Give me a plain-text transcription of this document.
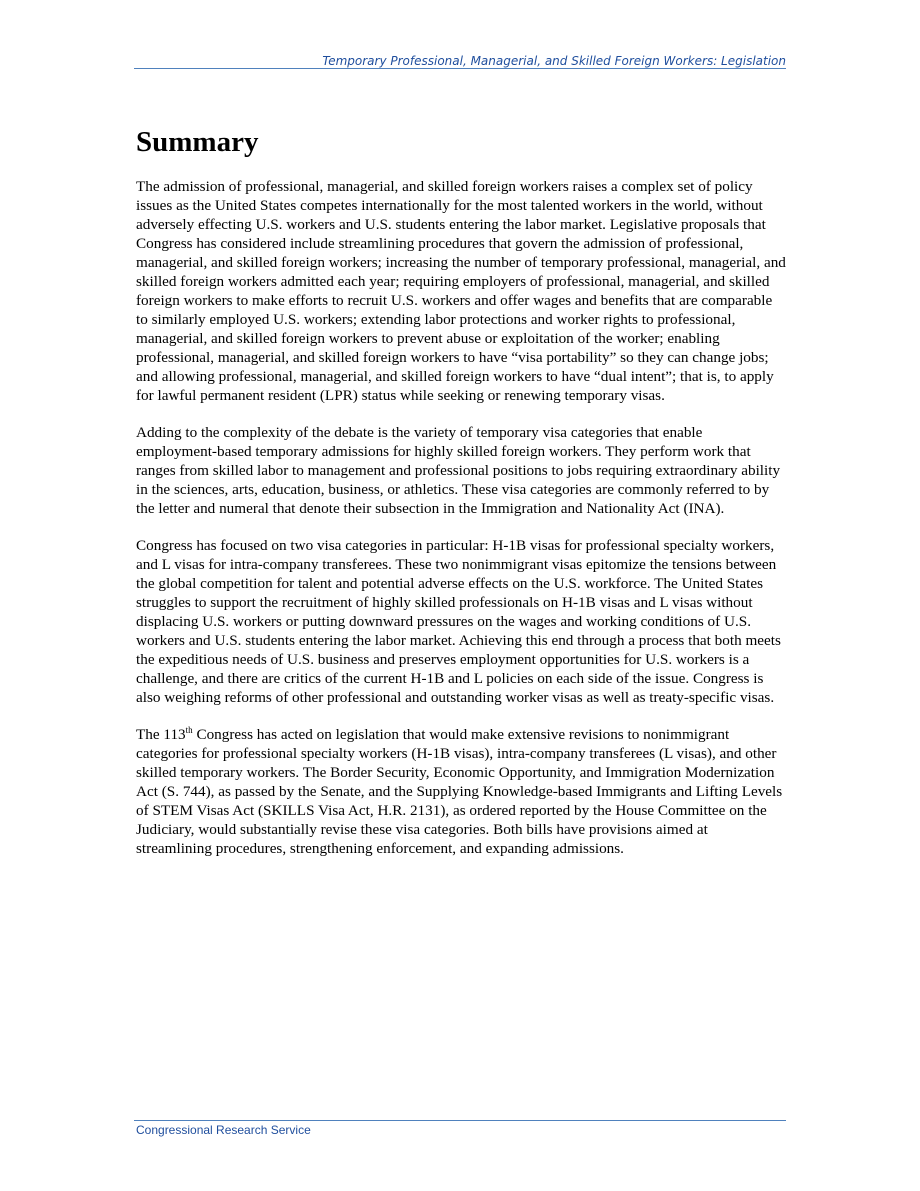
Temporary Professional, Managerial, and Skilled Foreign Workers: Legislation
Summary

The admission of professional, managerial, and skilled foreign workers raises a complex set of policy issues as the United States competes internationally for the most talented workers in the world, without adversely effecting U.S. workers and U.S. students entering the labor market. Legislative proposals that Congress has considered include streamlining procedures that govern the admission of professional, managerial, and skilled foreign workers; increasing the number of temporary professional, managerial, and skilled foreign workers admitted each year; requiring employers of professional, managerial, and skilled foreign workers to make efforts to recruit U.S. workers and offer wages and benefits that are comparable to similarly employed U.S. workers; extending labor protections and worker rights to professional, managerial, and skilled foreign workers to prevent abuse or exploitation of the worker; enabling professional, managerial, and skilled foreign workers to have “visa portability” so they can change jobs; and allowing professional, managerial, and skilled foreign workers to have “dual intent”; that is, to apply for lawful permanent resident (LPR) status while seeking or renewing temporary visas.

Adding to the complexity of the debate is the variety of temporary visa categories that enable employment-based temporary admissions for highly skilled foreign workers. They perform work that ranges from skilled labor to management and professional positions to jobs requiring extraordinary ability in the sciences, arts, education, business, or athletics. These visa categories are commonly referred to by the letter and numeral that denote their subsection in the Immigration and Nationality Act (INA).

Congress has focused on two visa categories in particular: H-1B visas for professional specialty workers, and L visas for intra-company transferees. These two nonimmigrant visas epitomize the tensions between the global competition for talent and potential adverse effects on the U.S. workforce. The United States struggles to support the recruitment of highly skilled professionals on H-1B visas and L visas without displacing U.S. workers or putting downward pressures on the wages and working conditions of U.S. workers and U.S. students entering the labor market. Achieving this end through a process that both meets the expeditious needs of U.S. business and preserves employment opportunities for U.S. workers is a challenge, and there are critics of the current H-1B and L policies on each side of the issue. Congress is also weighing reforms of other professional and outstanding worker visas as well as treaty-specific visas.

The 113th Congress has acted on legislation that would make extensive revisions to nonimmigrant categories for professional specialty workers (H-1B visas), intra-company transferees (L visas), and other skilled temporary workers. The Border Security, Economic Opportunity, and Immigration Modernization Act (S. 744), as passed by the Senate, and the Supplying Knowledge-based Immigrants and Lifting Levels of STEM Visas Act (SKILLS Visa Act, H.R. 2131), as ordered reported by the House Committee on the Judiciary, would substantially revise these visa categories. Both bills have provisions aimed at streamlining procedures, strengthening enforcement, and expanding admissions.

Congressional Research Service
